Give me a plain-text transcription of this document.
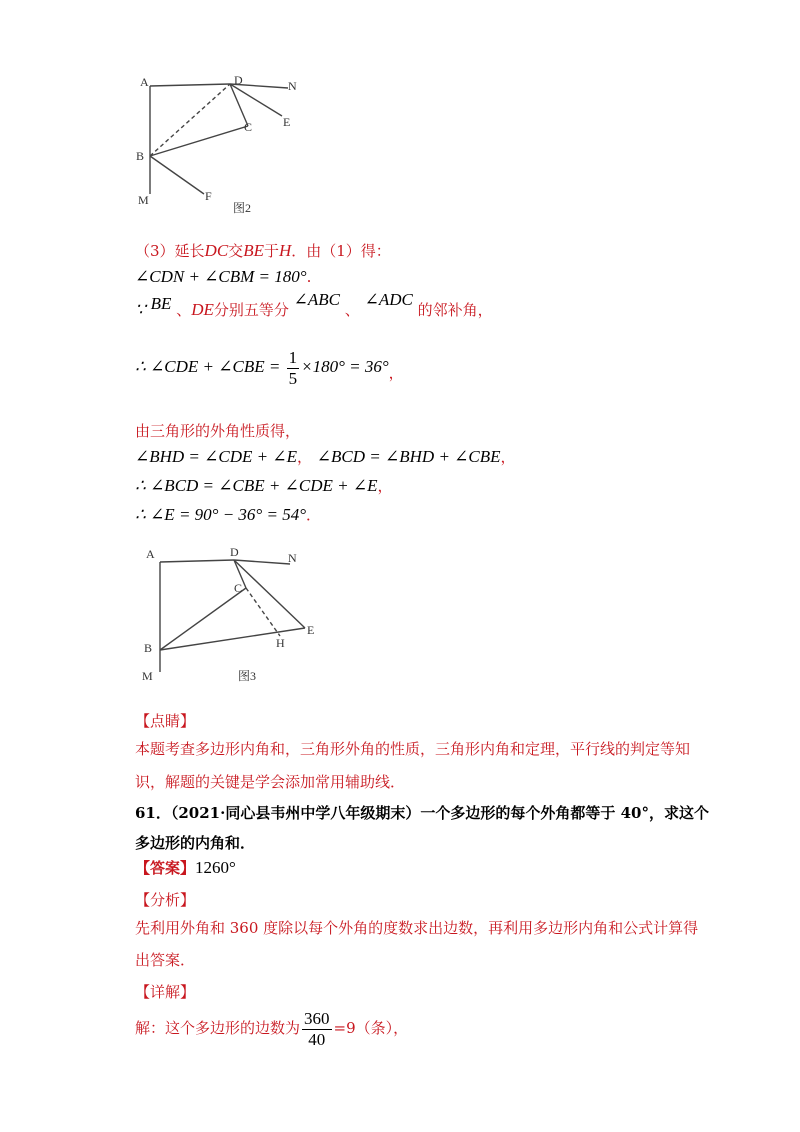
A	D	N
C	E
B
F
M
图2
（3）延长DC交BE于H．由（1）得：
∠CDN + ∠CBM = 180°.
∵ BE 、DE分别五等分 ∠ABC 、 ∠ADC 的邻补角，
∴ ∠CDE + ∠CBE = $\frac{1}{5} \times 180^\circ = 36^\circ$，
由三角形的外角性质得，
∠BHD = ∠CDE + ∠E， ∠BCD = ∠BHD + ∠CBE，
∴ ∠BCD = ∠CBE + ∠CDE + ∠E，
∴ ∠E = 90° − 36° = 54°．
A	D	N
C
E
H
B
M	图3
【点睛】
本题考查多边形内角和，三角形外角的性质，三角形内角和定理，平行线的判定等知
识，解题的关键是学会添加常用辅助线．
61．（2021·同心县韦州中学八年级期末）一个多边形的每个外角都等于 40°，求这个
多边形的内角和．
【答案】1260°
【分析】
先利用外角和 360 度除以每个外角的度数求出边数，再利用多边形内角和公式计算得
出答案．
【详解】
解：这个多边形的边数为 $\frac{360}{40} =9$（条），
